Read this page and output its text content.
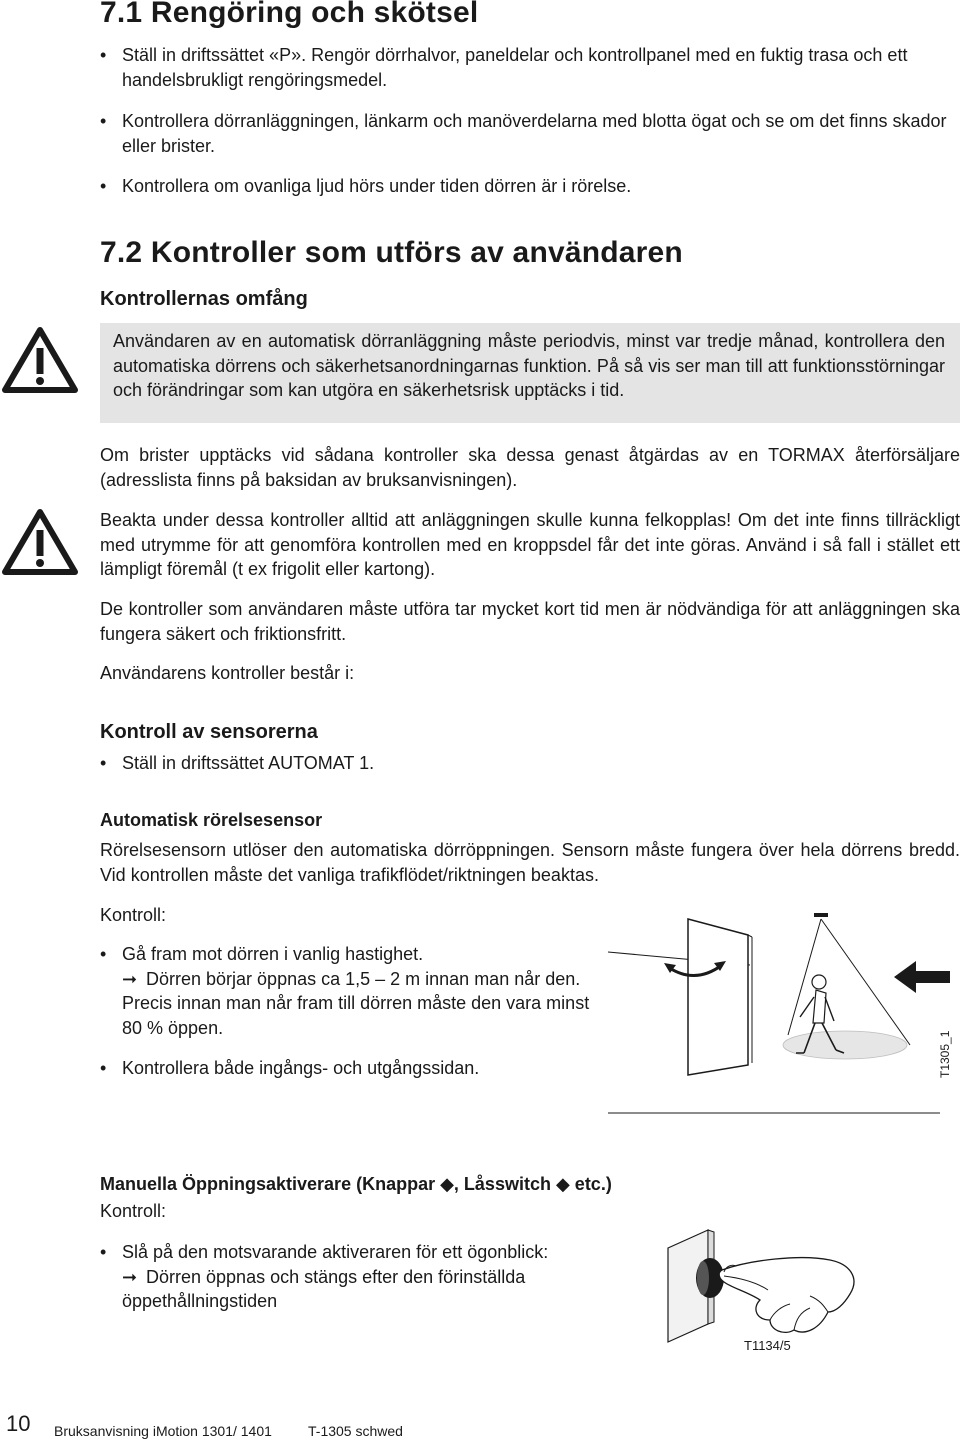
7.1 Rengöring och skötsel
• Ställ in driftssättet «P». Rengör dörrhalvor, paneldelar och kontrollpanel med en fuktig trasa och ett handelsbrukligt rengöringsmedel.
• Kontrollera dörranläggningen, länkarm och manöverdelarna med blotta ögat och se om det finns skador eller brister.
• Kontrollera om ovanliga ljud hörs under tiden dörren är i rörelse.
7.2 Kontroller som utförs av användaren
Kontrollernas omfång
Användaren av en automatisk dörranläggning måste periodvis, minst var tredje månad, kontrollera den automatiska dörrens och säkerhetsanordningarnas funktion. På så vis ser man till att funktionsstörningar och förändringar som kan utgöra en säkerhetsrisk upptäcks i tid.
Om brister upptäcks vid sådana kontroller ska dessa genast åtgärdas av en TORMAX återförsäljare (adresslista finns på baksidan av bruksanvisningen).
Beakta under dessa kontroller alltid att anläggningen skulle kunna felkopplas! Om det inte finns tillräckligt med utrymme för att genomföra kontrollen med en kroppsdel får det inte göras. Använd i så fall i stället ett lämpligt föremål (t ex frigolit eller kartong).
De kontroller som användaren måste utföra tar mycket kort tid men är nödvändiga för att anläggningen ska fungera säkert och friktionsfritt.
Användarens kontroller består i:
Kontroll av sensorerna
• Ställ in driftssättet AUTOMAT 1.
Automatisk rörelsesensor
Rörelsesensorn utlöser den automatiska dörröppningen. Sensorn måste fungera över hela dörrens bredd. Vid kontrollen måste det vanliga trafikflödet/riktningen beaktas.
Kontroll:
• Gå fram mot dörren i vanlig hastighet.
➞ Dörren börjar öppnas ca 1,5 – 2 m innan man når den. Precis innan man når fram till dörren måste den vara minst 80 % öppen.
• Kontrollera både ingångs- och utgångssidan.	T1305_1
Manuella Öppningsaktiverare (Knappar ◆, Låsswitch ◆ etc.)
Kontroll:
• Slå på den motsvarande aktiveraren för ett ögonblick:
➞ Dörren öppnas och stängs efter den förinställda öppethållningstiden
T1134/5
10 Bruksanvisning iMotion 1301/ 1401	T-1305 schwed
